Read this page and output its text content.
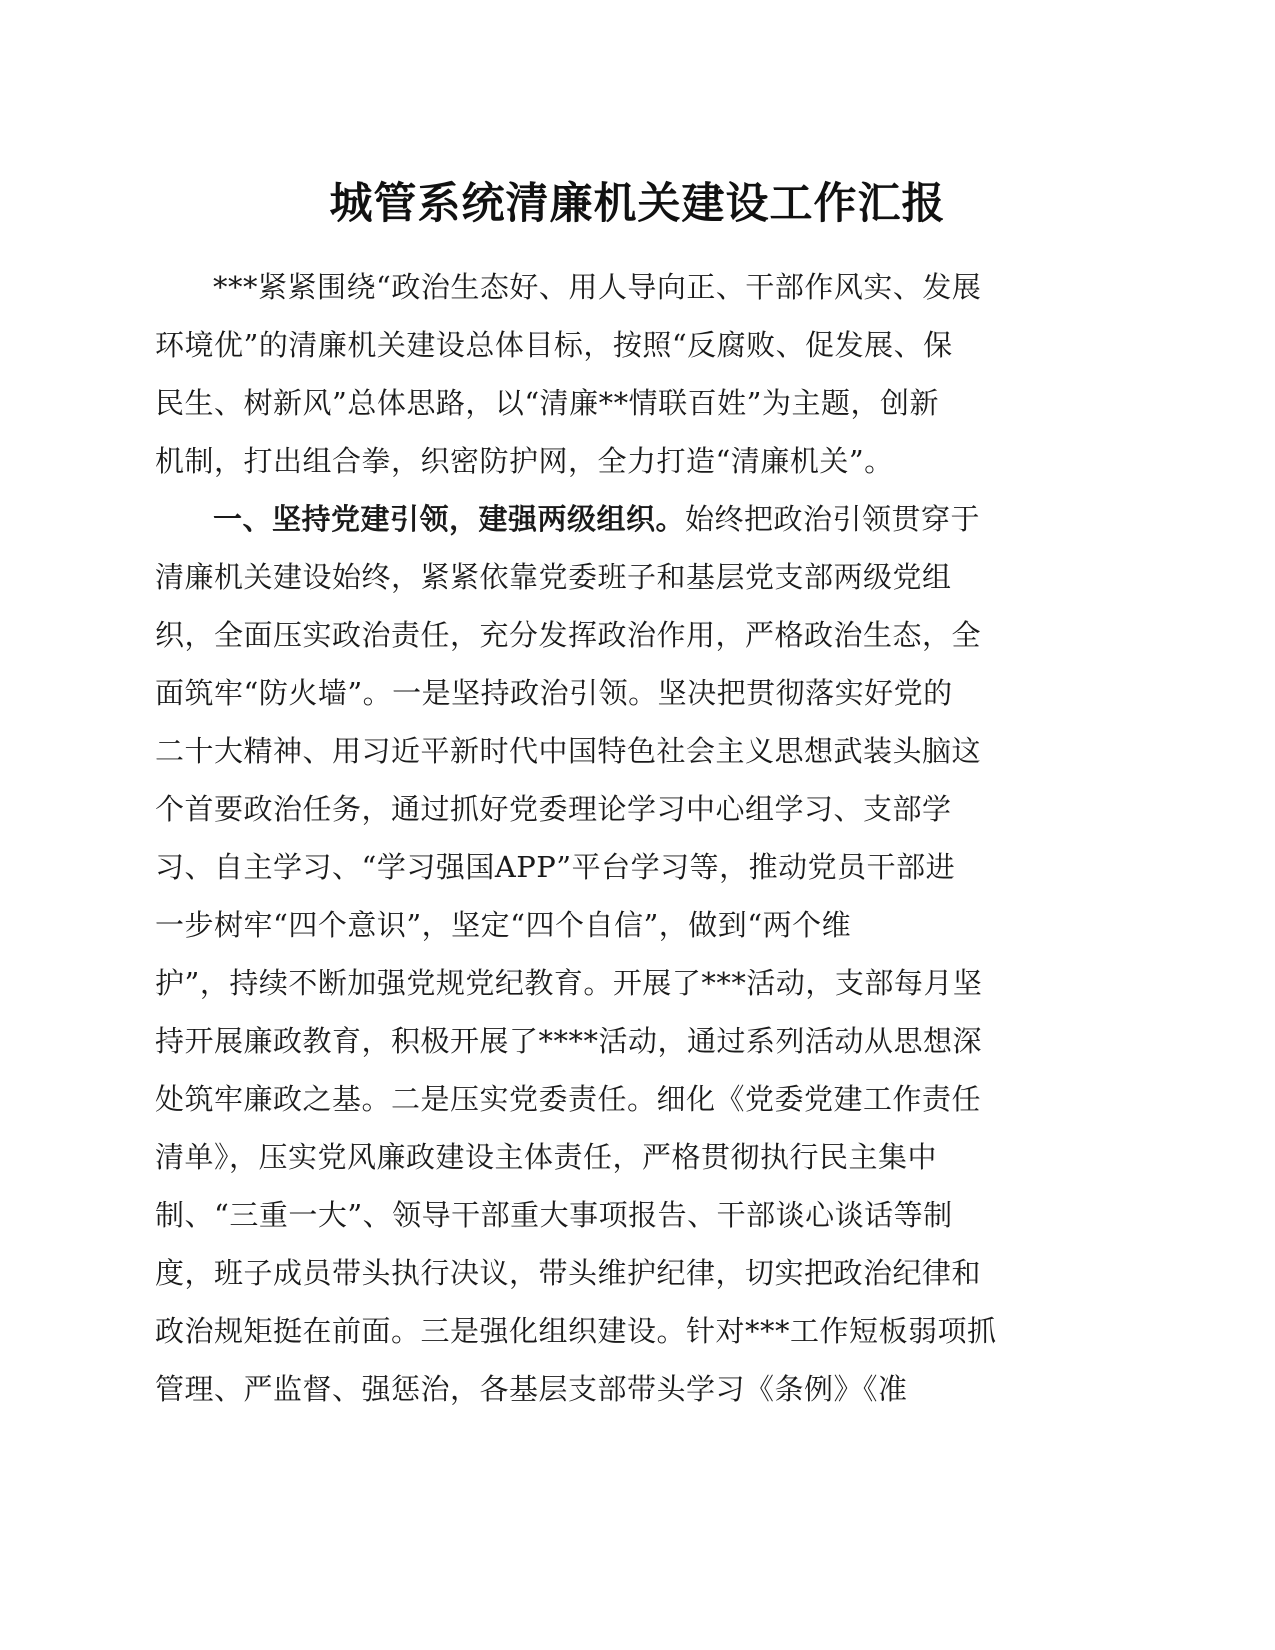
城管系统清廉机关建设工作汇报

***紧紧围绕“政治生态好、用人导向正、干部作风实、发展
环境优”的清廉机关建设总体目标，按照“反腐败、促发展、保
民生、树新风”总体思路，以“清廉**情联百姓”为主题，创新
机制，打出组合拳，织密防护网，全力打造“清廉机关”。

一、坚持党建引领，建强两级组织。始终把政治引领贯穿于
清廉机关建设始终，紧紧依靠党委班子和基层党支部两级党组
织，全面压实政治责任，充分发挥政治作用，严格政治生态，全
面筑牢“防火墙”。一是坚持政治引领。坚决把贯彻落实好党的
二十大精神、用习近平新时代中国特色社会主义思想武装头脑这
个首要政治任务，通过抓好党委理论学习中心组学习、支部学
习、自主学习、“学习强国APP”平台学习等，推动党员干部进
一步树牢“四个意识”，坚定“四个自信”，做到“两个维
护”，持续不断加强党规党纪教育。开展了***活动，支部每月坚
持开展廉政教育，积极开展了****活动，通过系列活动从思想深
处筑牢廉政之基。二是压实党委责任。细化《党委党建工作责任
清单》，压实党风廉政建设主体责任，严格贯彻执行民主集中
制、“三重一大”、领导干部重大事项报告、干部谈心谈话等制
度，班子成员带头执行决议，带头维护纪律，切实把政治纪律和
政治规矩挺在前面。三是强化组织建设。针对***工作短板弱项抓
管理、严监督、强惩治，各基层支部带头学习《条例》《准
